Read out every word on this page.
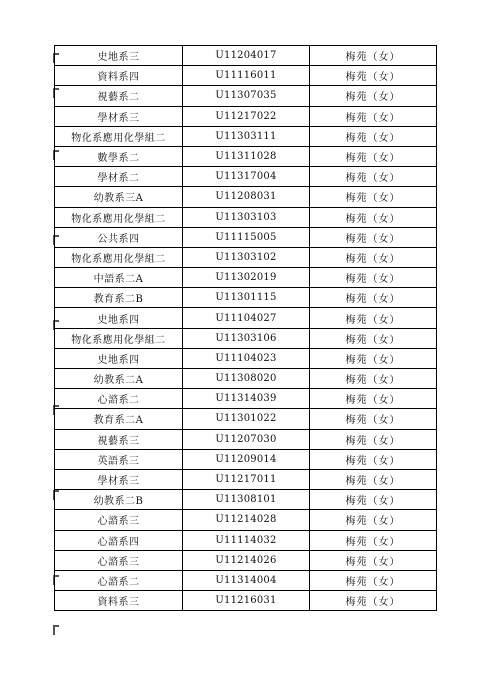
史地系三	U11204017	梅苑（女）
資料系四	U11116011	梅苑（女）
視藝系二	U11307035	梅苑（女）
學材系三	U11217022	梅苑（女）
物化系應用化學組二	U11303111	梅苑（女）
數學系二	U11311028	梅苑（女）
學材系二	U11317004	梅苑（女）
幼教系三A	U11208031	梅苑（女）
物化系應用化學組二	U11303103	梅苑（女）
公共系四	U11115005	梅苑（女）
物化系應用化學組二	U11303102	梅苑（女）
中語系二A	U11302019	梅苑（女）
教育系二B	U11301115	梅苑（女）
史地系四	U11104027	梅苑（女）
物化系應用化學組二	U11303106	梅苑（女）
史地系四	U11104023	梅苑（女）
幼教系二A	U11308020	梅苑（女）
心諮系二	U11314039	梅苑（女）
教育系二A	U11301022	梅苑（女）
視藝系三	U11207030	梅苑（女）
英語系三	U11209014	梅苑（女）
學材系三	U11217011	梅苑（女）
幼教系二B	U11308101	梅苑（女）
心諮系三	U11214028	梅苑（女）
心諮系四	U11114032	梅苑（女）
心諮系三	U11214026	梅苑（女）
心諮系二	U11314004	梅苑（女）
資料系三	U11216031	梅苑（女）
